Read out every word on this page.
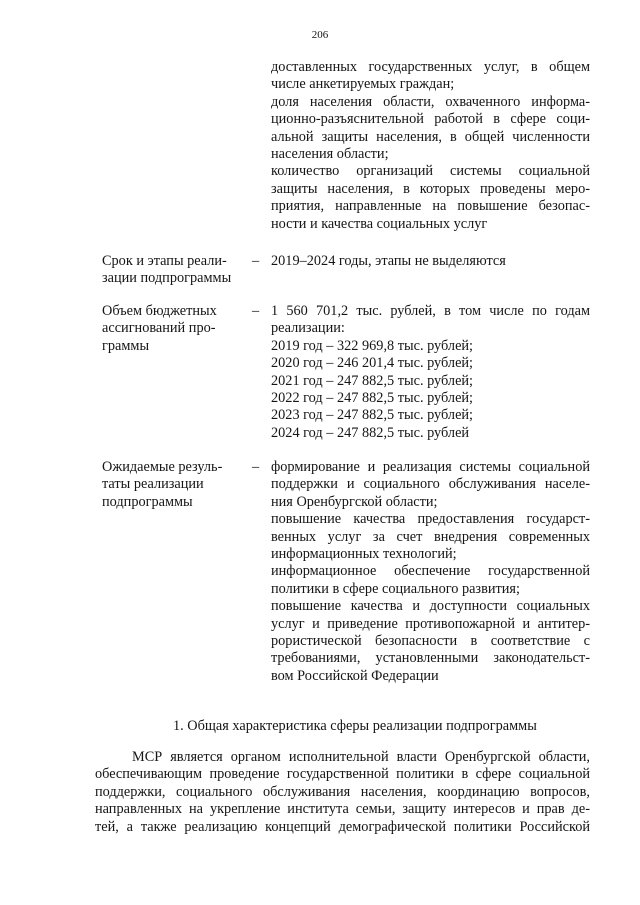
206
доставленных государственных услуг, в общем
числе анкетируемых граждан;
доля населения области, охваченного информа-
ционно-разъяснительной работой в сфере соци-
альной защиты населения, в общей численности
населения области;
количество организаций системы социальной
защиты населения, в которых проведены меро-
приятия, направленные на повышение безопас-
ности и качества социальных услуг
Срок и этапы реали-
зации подпрограммы
– 2019–2024 годы, этапы не выделяются
Объем бюджетных
ассигнований про-
граммы
– 1 560 701,2 тыс. рублей, в том числе по годам
реализации:
2019 год – 322 969,8 тыс. рублей;
2020 год – 246 201,4 тыс. рублей;
2021 год – 247 882,5 тыс. рублей;
2022 год – 247 882,5 тыс. рублей;
2023 год – 247 882,5 тыс. рублей;
2024 год – 247 882,5 тыс. рублей
Ожидаемые резуль-
таты реализации
подпрограммы
– формирование и реализация системы социальной
поддержки и социального обслуживания населе-
ния Оренбургской области;
повышение качества предоставления государст-
венных услуг за счет внедрения современных
информационных технологий;
информационное обеспечение государственной
политики в сфере социального развития;
повышение качества и доступности социальных
услуг и приведение противопожарной и антитер-
рористической безопасности в соответствие с
требованиями, установленными законодательст-
вом Российской Федерации
1. Общая характеристика сферы реализации подпрограммы
МСР является органом исполнительной власти Оренбургской области,
обеспечивающим проведение государственной политики в сфере социальной
поддержки, социального обслуживания населения, координацию вопросов,
направленных на укрепление института семьи, защиту интересов и прав де-
тей, а также реализацию концепций демографической политики Российской
